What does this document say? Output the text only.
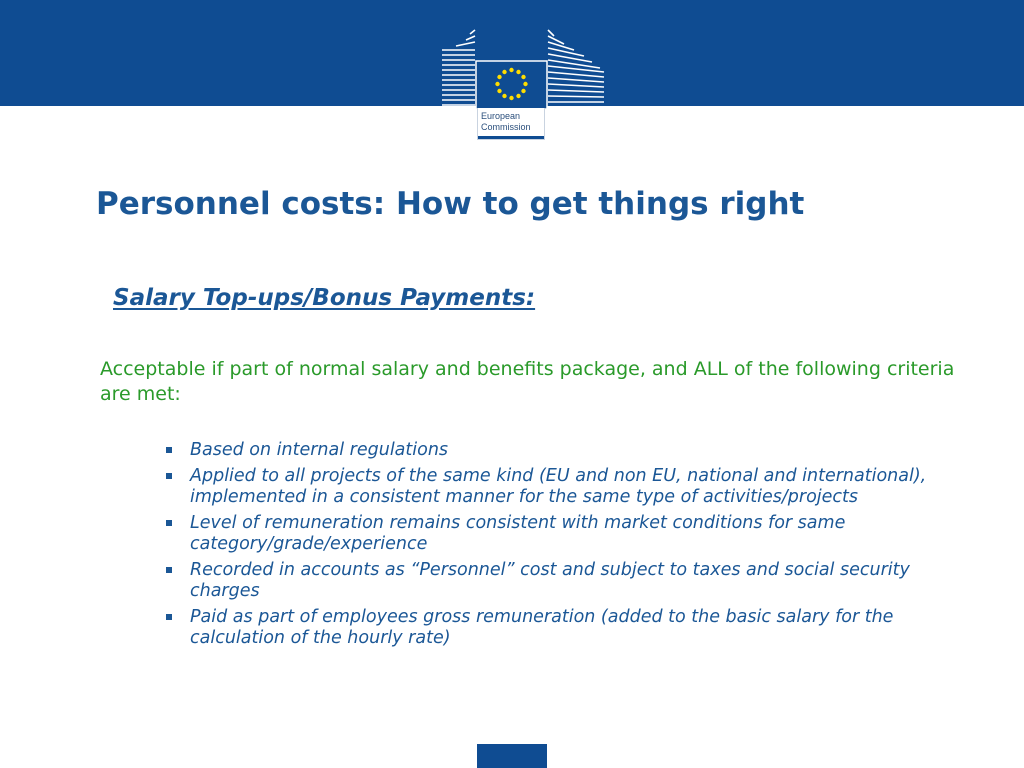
European
Commission
Personnel costs: How to get things right
Salary Top-ups/Bonus Payments:

Acceptable if part of normal salary and benefits package, and ALL of the following criteria are met:

Based on internal regulations
Applied to all projects of the same kind (EU and non EU, national and international), implemented in a consistent manner for the same type of activities/projects
Level of remuneration remains consistent with market conditions for same category/grade/experience
Recorded in accounts as “Personnel” cost and subject to taxes and social security charges
Paid as part of employees gross remuneration (added to the basic salary for the calculation of the hourly rate)
